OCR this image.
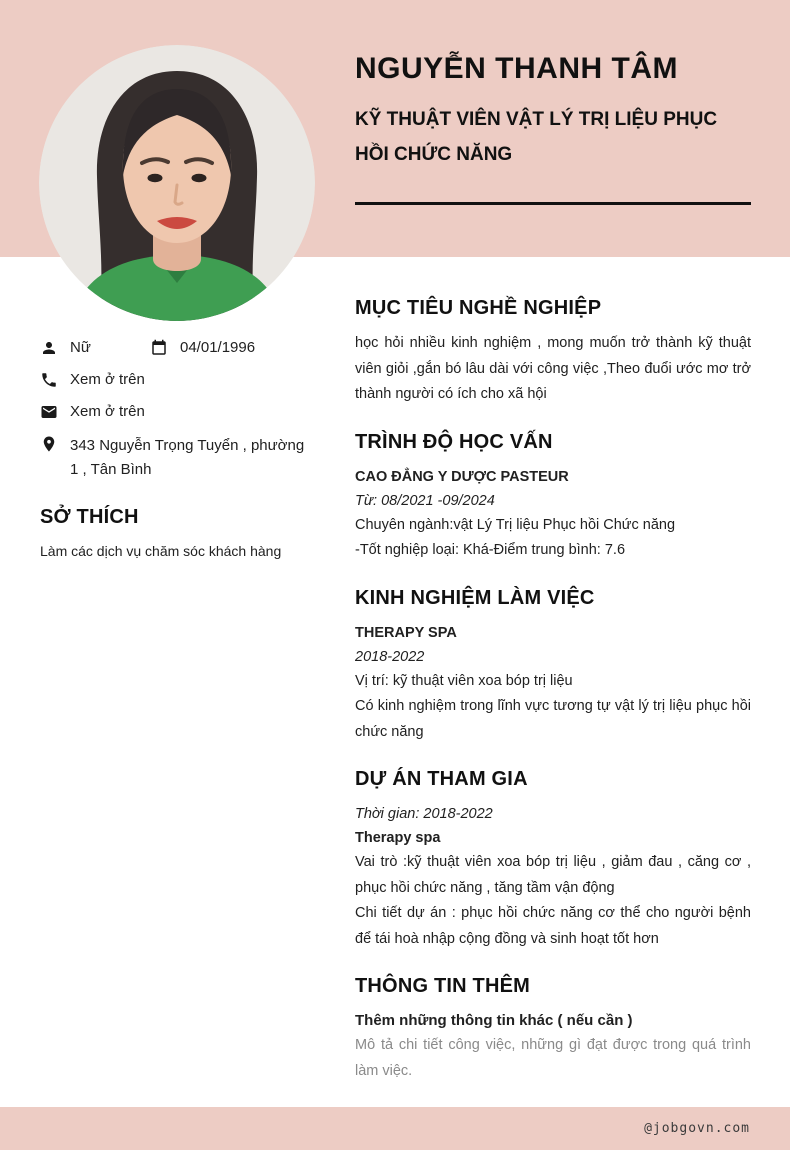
NGUYỄN THANH TÂM
KỸ THUẬT VIÊN VẬT LÝ TRỊ LIỆU PHỤC HỒI CHỨC NĂNG
Nữ	04/01/1996
Xem ở trên
Xem ở trên
343 Nguyễn Trọng Tuyển , phường 1 , Tân Bình
SỞ THÍCH

Làm các dịch vụ chăm sóc khách hàng

MỤC TIÊU NGHỀ NGHIỆP

học hỏi nhiều kinh nghiệm , mong muốn trở thành kỹ thuật viên giỏi ,gắn bó lâu dài với công việc ,Theo đuổi ước mơ trở thành người có ích cho xã hội

TRÌNH ĐỘ HỌC VẤN
CAO ĐẲNG Y DƯỢC PASTEUR
Từ: 08/2021 -09/2024
Chuyên ngành:vật Lý Trị liệu Phục hồi Chức năng
-Tốt nghiệp loại: Khá-Điểm trung bình: 7.6
KINH NGHIỆM LÀM VIỆC
THERAPY SPA
2018-2022
Vị trí: kỹ thuật viên xoa bóp trị liệu

Có kinh nghiệm trong lĩnh vực tương tự vật lý trị liệu phục hồi chức năng

DỰ ÁN THAM GIA
Thời gian: 2018-2022
Therapy spa

Vai trò :kỹ thuật viên xoa bóp trị liệu , giảm đau , căng cơ , phục hồi chức năng , tăng tầm vận động

Chi tiết dự án : phục hồi chức năng cơ thể cho người bệnh để tái hoà nhập cộng đồng và sinh hoạt tốt hơn

THÔNG TIN THÊM
Thêm những thông tin khác ( nếu cần )

Mô tả chi tiết công việc, những gì đạt được trong quá trình làm việc.

@jobgovn.com
